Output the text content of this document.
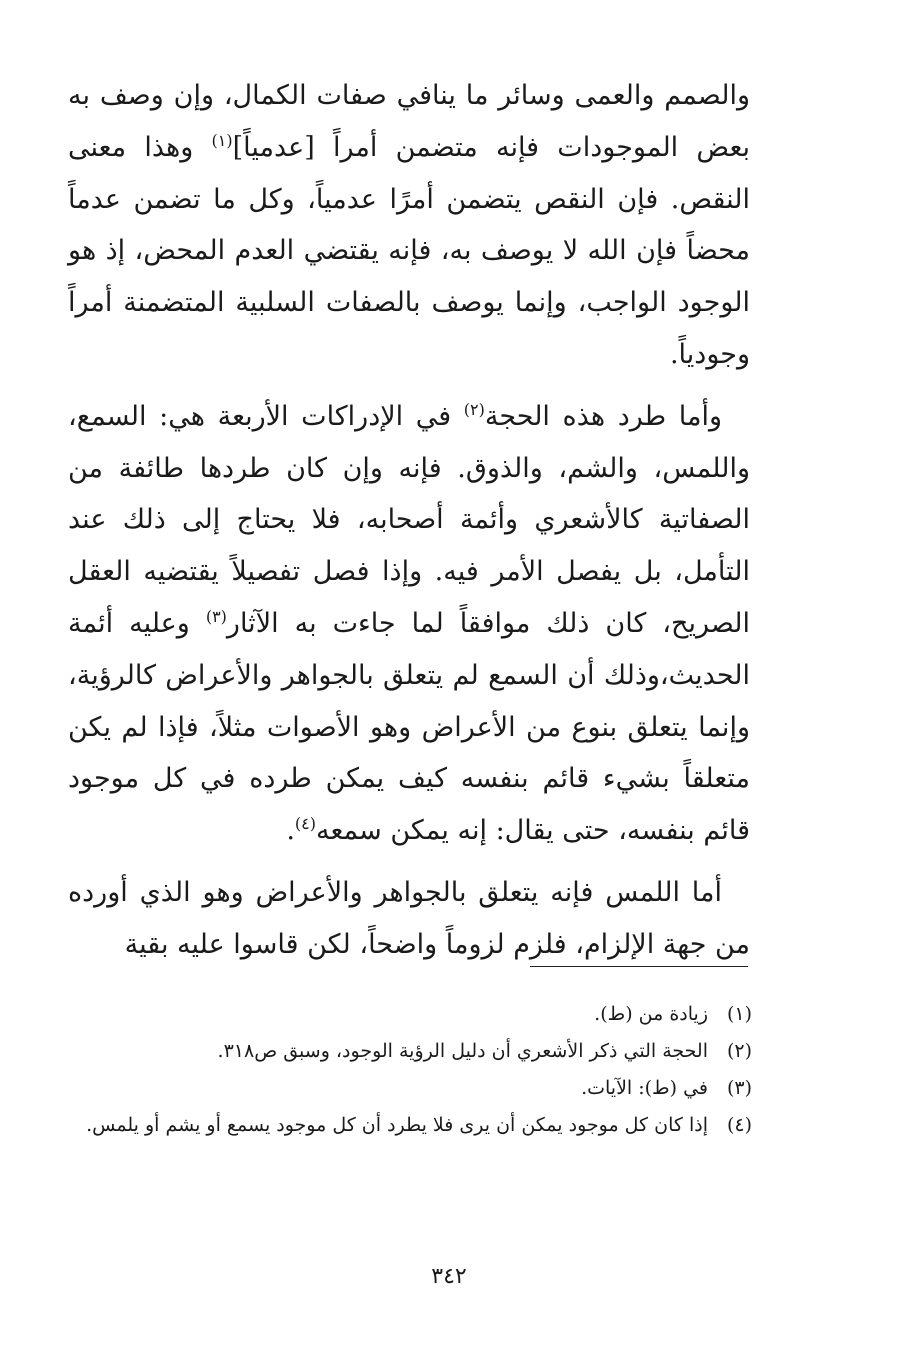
والصمم والعمى وسائر ما ينافي صفات الكمال، وإن وصف به بعض الموجودات فإنه متضمن أمراً [عدمياً]$^{(١)}$ وهذا معنى النقص. فإن النقص يتضمن أمرًا عدمياً، وكل ما تضمن عدماً محضاً فإن الله لا يوصف به، فإنه يقتضي العدم المحض، إذ هو الوجود الواجب، وإنما يوصف بالصفات السلبية المتضمنة أمراً وجودياً.

وأما طرد هذه الحجة$^{(٢)}$ في الإدراكات الأربعة هي: السمع، واللمس، والشم، والذوق. فإنه وإن كان طردها طائفة من الصفاتية كالأشعري وأئمة أصحابه، فلا يحتاج إلى ذلك عند التأمل، بل يفصل الأمر فيه. وإذا فصل تفصيلاً يقتضيه العقل الصريح، كان ذلك موافقاً لما جاءت به الآثار$^{(٣)}$ وعليه أئمة الحديث،وذلك أن السمع لم يتعلق بالجواهر والأعراض كالرؤية، وإنما يتعلق بنوع من الأعراض وهو الأصوات مثلاً، فإذا لم يكن متعلقاً بشيء قائم بنفسه كيف يمكن طرده في كل موجود قائم بنفسه، حتى يقال: إنه يمكن سمعه$^{(٤)}$.

أما اللمس فإنه يتعلق بالجواهر والأعراض وهو الذي أورده من جهة الإلزام، فلزم لزوماً واضحاً، لكن قاسوا عليه بقية

(١)
زيادة من (ط).
(٢)
الحجة التي ذكر الأشعري أن دليل الرؤية الوجود، وسبق ص٣١٨.
(٣)
في (ط): الآيات.
(٤)
إذا كان كل موجود يمكن أن يرى فلا يطرد أن كل موجود يسمع أو يشم أو يلمس.
٣٤٢
